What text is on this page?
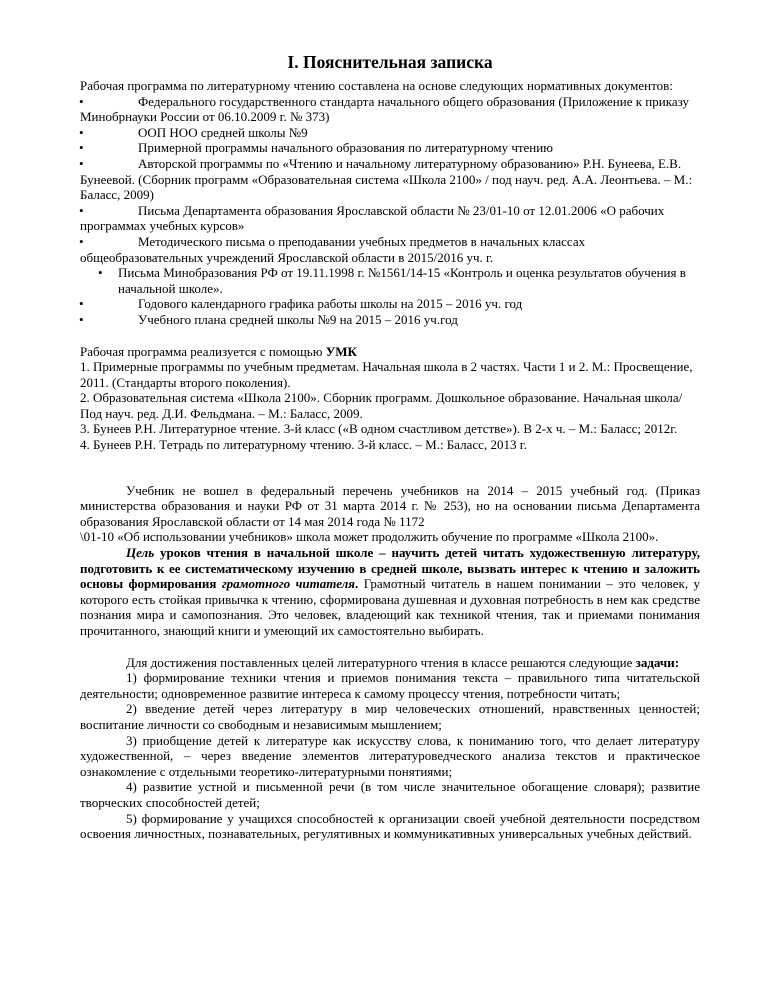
I. Пояснительная записка

Рабочая программа по литературному чтению составлена на основе следующих нормативных документов:

•	Федерального государственного стандарта начального общего образования (Приложение к приказу Минобрнауки России от 06.10.2009 г. № 373)
•	ООП НОО средней школы №9
•	Примерной программы начального образования по литературному чтению
•	Авторской программы по «Чтению и начальному литературному образованию» Р.Н. Бунеева, Е.В. Бунеевой. (Сборник программ «Образовательная система «Школа 2100» / под науч. ред. А.А. Леонтьева. – М.: Баласс, 2009)
•	Письма Департамента образования Ярославской области № 23/01-10 от 12.01.2006 «О рабочих программах учебных курсов»
•	Методического письма о преподавании учебных предметов в начальных классах общеобразовательных учреждений Ярославской области в 2015/2016 уч. г.
•	Письма Минобразования РФ от 19.11.1998 г. №1561/14-15 «Контроль и оценка результатов обучения в начальной школе».
•	Годового календарного графика работы школы на 2015 – 2016 уч. год
•	Учебного плана средней школы №9 на 2015 – 2016 уч.год

Рабочая программа реализуется с помощью УМК

1. Примерные программы по учебным предметам. Начальная школа в 2 частях. Части 1 и 2. М.: Просвещение, 2011. (Стандарты второго поколения).

2. Образовательная система «Школа 2100». Сборник программ. Дошкольное образование. Начальная школа/ Под науч. ред. Д.И. Фельдмана. – М.: Баласс, 2009.

3. Бунеев Р.Н. Литературное чтение. 3-й класс («В одном счастливом детстве»). В 2-х ч. – М.: Баласс; 2012г.

4. Бунеев Р.Н. Тетрадь по литературному чтению. 3-й класс. – М.: Баласс, 2013 г.

Учебник не вошел в федеральный перечень учебников на 2014 – 2015 учебный год. (Приказ министерства образования и науки РФ от 31 марта 2014 г. № 253), но на основании письма Департамента образования Ярославской области от 14 мая 2014 года № 1172

\01-10 «Об использовании учебников» школа может продолжить обучение по программе «Школа 2100».

Цель уроков чтения в начальной школе – научить детей читать художественную литературу, подготовить к ее систематическому изучению в средней школе, вызвать интерес к чтению и заложить основы формирования грамотного читателя. Грамотный читатель в нашем понимании – это человек, у которого есть стойкая привычка к чтению, сформирована душевная и духовная потребность в нем как средстве познания мира и самопознания. Это человек, владеющий как техникой чтения, так и приемами понимания прочитанного, знающий книги и умеющий их самостоятельно выбирать.

Для достижения поставленных целей литературного чтения в классе решаются следующие задачи:

1) формирование техники чтения и приемов понимания текста – правильного типа читательской деятельности; одновременное развитие интереса к самому процессу чтения, потребности читать;

2) введение детей через литературу в мир человеческих отношений, нравственных ценностей; воспитание личности со свободным и независимым мышлением;

3) приобщение детей к литературе как искусству слова, к пониманию того, что делает литературу художественной, – через введение элементов литературоведческого анализа текстов и практическое ознакомление с отдельными теоретико-литературными понятиями;

4) развитие устной и письменной речи (в том числе значительное обогащение словаря); развитие творческих способностей детей;

5) формирование у учащихся способностей к организации своей учебной деятельности посредством освоения личностных, познавательных, регулятивных и коммуникативных универсальных учебных действий.
